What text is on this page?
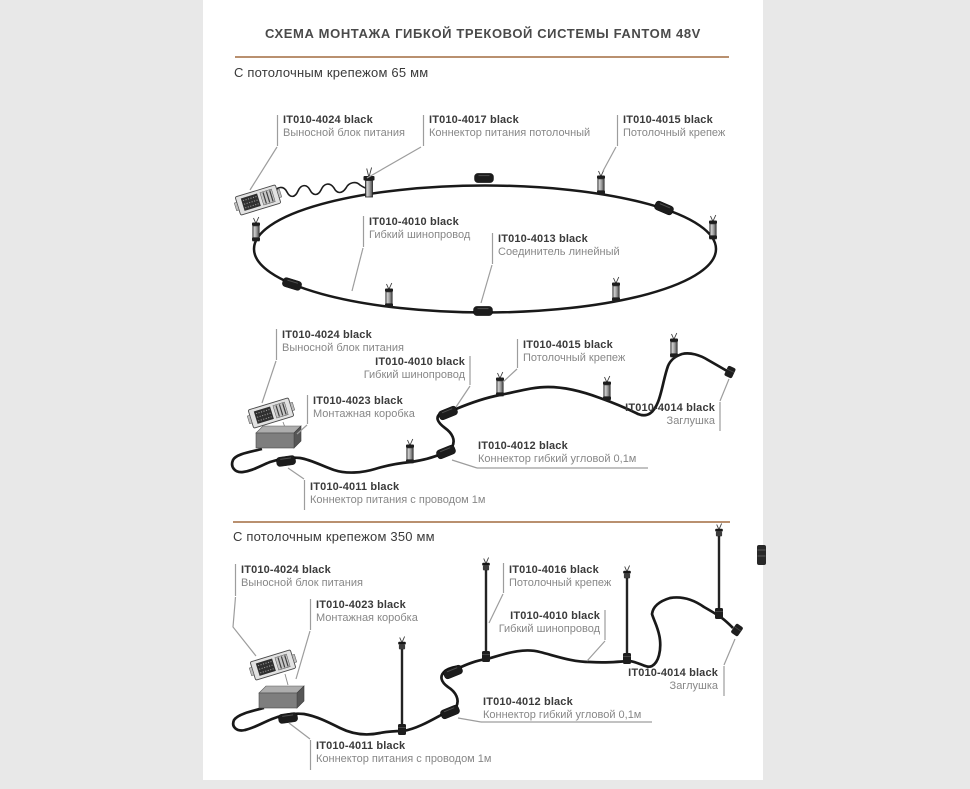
СХЕМА МОНТАЖА ГИБКОЙ ТРЕКОВОЙ СИСТЕМЫ FANTOM 48V
С потолочным крепежом 65 мм
С потолочным крепежом 350 мм
IT010-4024 black
Выносной блок питания
IT010-4017 black
Коннектор питания потолочный
IT010-4015 black
Потолочный крепеж
IT010-4010 black
Гибкий шинопровод	IT010-4013 black
Соединитель линейный
IT010-4024 black
Выносной блок питания
IT010-4010 black
Гибкий шинопровод
IT010-4015 black
Потолочный крепеж
IT010-4023 black
Монтажная коробка	IT010-4014 black
Заглушка
IT010-4012 black
Коннектор гибкий угловой 0,1м
IT010-4011 black
Коннектор питания с проводом 1м
IT010-4024 black
Выносной блок питания
IT010-4016 black
Потолочный крепеж
IT010-4023 black
Монтажная коробка	IT010-4010 black
Гибкий шинопровод
IT010-4014 black
Заглушка
IT010-4012 black
Коннектор гибкий угловой 0,1м
IT010-4011 black
Коннектор питания с проводом 1м
